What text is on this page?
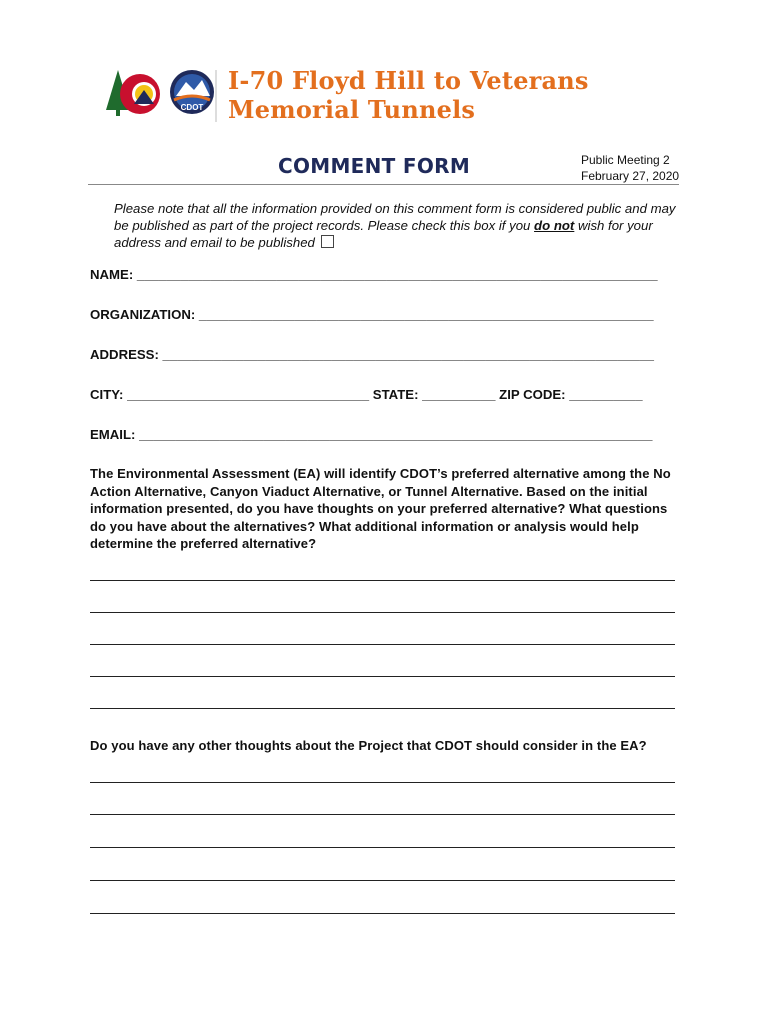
CDOT
I-70 Floyd Hill to Veterans
Memorial Tunnels
COMMENT FORM	Public Meeting 2
February 27, 2020
Please note that all the information provided on this comment form is considered public and may be published as part of the project records. Please check this box if you do not wish for your address and email to be published
NAME: _______________________________________________________________________
ORGANIZATION: ______________________________________________________________
ADDRESS: ___________________________________________________________________
CITY: _________________________________ STATE: __________ ZIP CODE: __________
EMAIL: ______________________________________________________________________
The Environmental Assessment (EA) will identify CDOT’s preferred alternative among the No Action Alternative, Canyon Viaduct Alternative, or Tunnel Alternative. Based on the initial information presented, do you have thoughts on your preferred alternative? What questions do you have about the alternatives? What additional information or analysis would help determine the preferred alternative?
Do you have any other thoughts about the Project that CDOT should consider in the EA?
